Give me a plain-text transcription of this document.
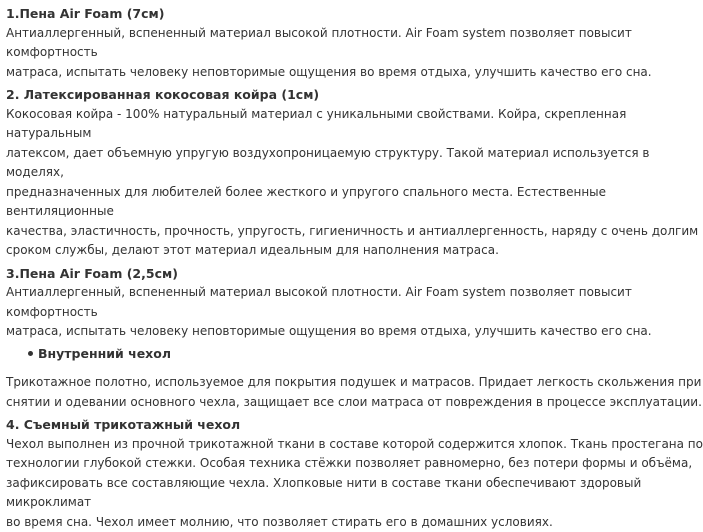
1.Пена Air Foam (7см)

Антиаллергенный, вспененный материал высокой плотности. Air Foam system позволяет повысит комфортность
матраса, испытать человеку неповторимые ощущения во время отдыха, улучшить качество его сна.

2. Латексированная кокосовая койра (1см)

Кокосовая койра - 100% натуральный материал с уникальными свойствами. Койра, скрепленная натуральным
латексом, дает объемную упругую воздухопроницаемую структуру. Такой материал используется в моделях,
предназначенных для любителей более жесткого и упругого спального места. Естественные вентиляционные
качества, эластичность, прочность, упругость, гигиеничность и антиаллергенность, наряду с очень долгим
сроком службы, делают этот материал идеальным для наполнения матраса.

3.Пена Air Foam (2,5см)

Антиаллергенный, вспененный материал высокой плотности. Air Foam system позволяет повысит комфортность
матраса, испытать человеку неповторимые ощущения во время отдыха, улучшить качество его сна.

Внутренний чехол

Трикотажное полотно, используемое для покрытия подушек и матрасов. Придает легкость скольжения при
снятии и одевании основного чехла, защищает все слои матраса от повреждения в процессе эксплуатации.

4. Съемный трикотажный чехол

Чехол выполнен из прочной трикотажной ткани в составе которой содержится хлопок. Ткань простегана по
технологии глубокой стежки. Особая техника стёжки позволяет равномерно, без потери формы и объёма,
зафиксировать все составляющие чехла. Хлопковые нити в составе ткани обеспечивают здоровый микроклимат
во время сна. Чехол имеет молнию, что позволяет стирать его в домашних условиях.
